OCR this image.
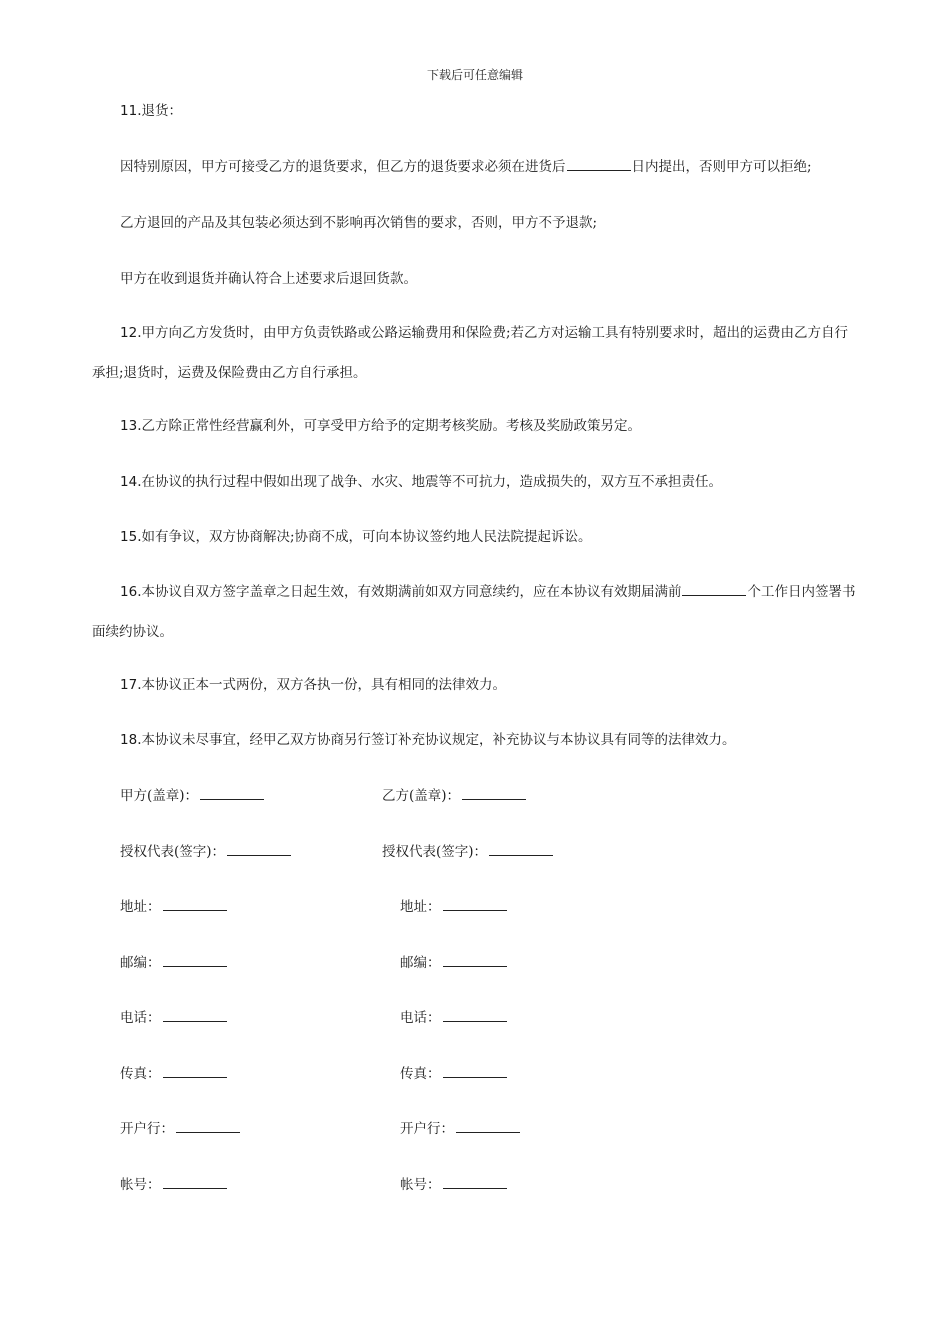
下载后可任意编辑
11.退货：
因特别原因，甲方可接受乙方的退货要求，但乙方的退货要求必须在进货后	日内提出，否则甲方可以拒绝;
乙方退回的产品及其包装必须达到不影响再次销售的要求，否则，甲方不予退款;
甲方在收到退货并确认符合上述要求后退回货款。
12.甲方向乙方发货时，由甲方负责铁路或公路运输费用和保险费;若乙方对运输工具有特别要求时，超出的运费由乙方自行承担;退货时，运费及保险费由乙方自行承担。
13.乙方除正常性经营赢利外，可享受甲方给予的定期考核奖励。考核及奖励政策另定。
14.在协议的执行过程中假如出现了战争、水灾、地震等不可抗力，造成损失的，双方互不承担责任。
15.如有争议，双方协商解决;协商不成，可向本协议签约地人民法院提起诉讼。
16.本协议自双方签字盖章之日起生效，有效期满前如双方同意续约，应在本协议有效期届满前	个工作日内签署书面续约协议。
17.本协议正本一式两份，双方各执一份，具有相同的法律效力。
18.本协议未尽事宜，经甲乙双方协商另行签订补充协议规定，补充协议与本协议具有同等的法律效力。
甲方(盖章)：	乙方(盖章)：
授权代表(签字)：	授权代表(签字)：
地址：	地址：
邮编：	邮编：
电话：	电话：
传真：	传真：
开户行：	开户行：
帐号：	帐号：
